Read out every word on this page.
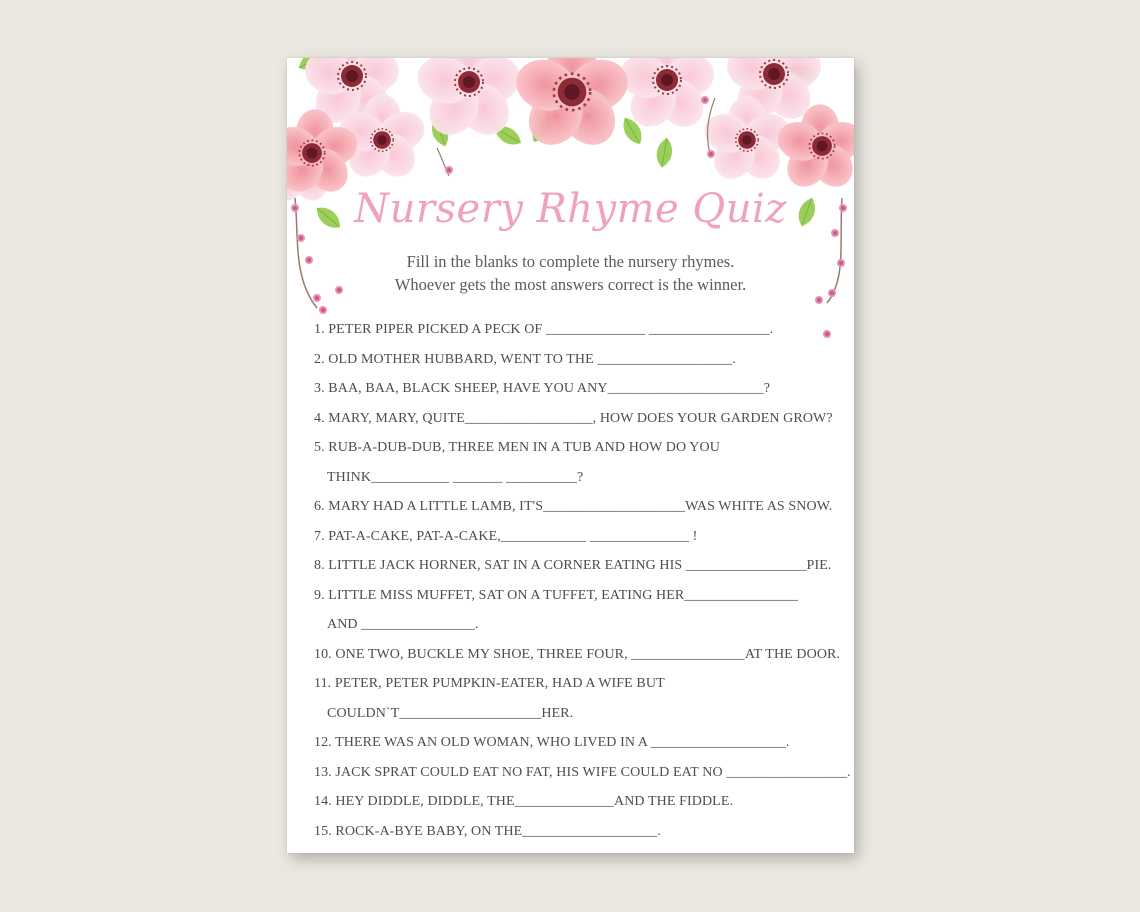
Nursery Rhyme Quiz
Fill in the blanks to complete the nursery rhymes.
Whoever gets the most answers correct is the winner.
1. PETER PIPER PICKED A PECK OF ______________ _________________.
2. OLD MOTHER HUBBARD, WENT TO THE ___________________.
3. BAA, BAA, BLACK SHEEP, HAVE YOU ANY______________________?
4. MARY, MARY, QUITE__________________, HOW DOES YOUR GARDEN GROW?
5. RUB-A-DUB-DUB, THREE MEN IN A TUB AND HOW DO YOU
THINK___________ _______ __________?
6. MARY HAD A LITTLE LAMB, IT'S____________________WAS WHITE AS SNOW.
7. PAT-A-CAKE, PAT-A-CAKE,____________ ______________ !
8. LITTLE JACK HORNER, SAT IN A CORNER EATING HIS _________________PIE.
9. LITTLE MISS MUFFET, SAT ON A TUFFET, EATING HER________________
AND ________________.
10. ONE TWO, BUCKLE MY SHOE, THREE FOUR, ________________AT THE DOOR.
11. PETER, PETER PUMPKIN-EATER, HAD A WIFE BUT
COULDN`T____________________HER.
12. THERE WAS AN OLD WOMAN, WHO LIVED IN A ___________________.
13. JACK SPRAT COULD EAT NO FAT, HIS WIFE COULD EAT NO _________________.
14. HEY DIDDLE, DIDDLE, THE______________AND THE FIDDLE.
15. ROCK-A-BYE BABY, ON THE___________________.
